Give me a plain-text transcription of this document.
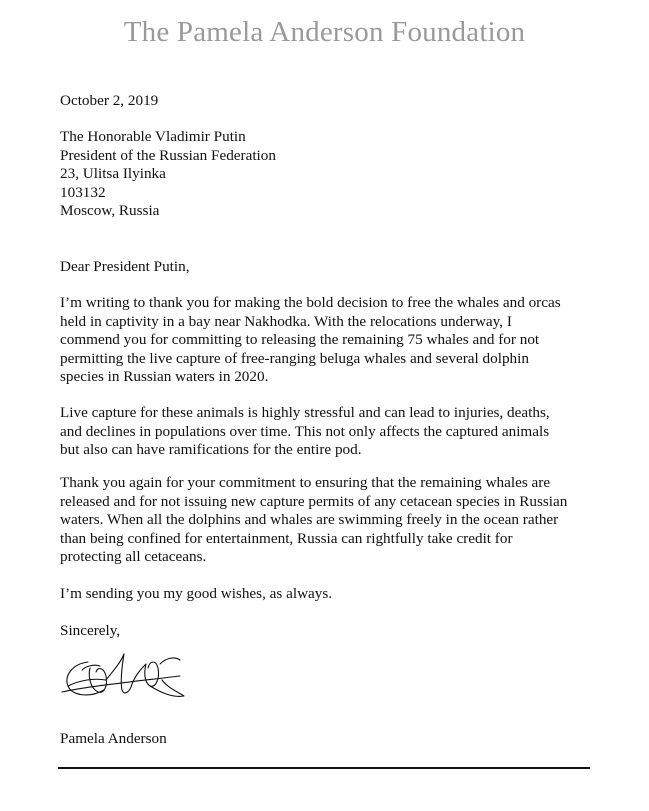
The Pamela Anderson Foundation
October 2, 2019
The Honorable Vladimir Putin
President of the Russian Federation
23, Ulitsa Ilyinka
103132
Moscow, Russia
Dear President Putin,
I’m writing to thank you for making the bold decision to free the whales and orcas
held in captivity in a bay near Nakhodka. With the relocations underway, I
commend you for committing to releasing the remaining 75 whales and for not
permitting the live capture of free-ranging beluga whales and several dolphin
species in Russian waters in 2020.
Live capture for these animals is highly stressful and can lead to injuries, deaths,
and declines in populations over time. This not only affects the captured animals
but also can have ramifications for the entire pod.
Thank you again for your commitment to ensuring that the remaining whales are
released and for not issuing new capture permits of any cetacean species in Russian
waters. When all the dolphins and whales are swimming freely in the ocean rather
than being confined for entertainment, Russia can rightfully take credit for
protecting all cetaceans.
I’m sending you my good wishes, as always.
Sincerely,
Pamela Anderson
